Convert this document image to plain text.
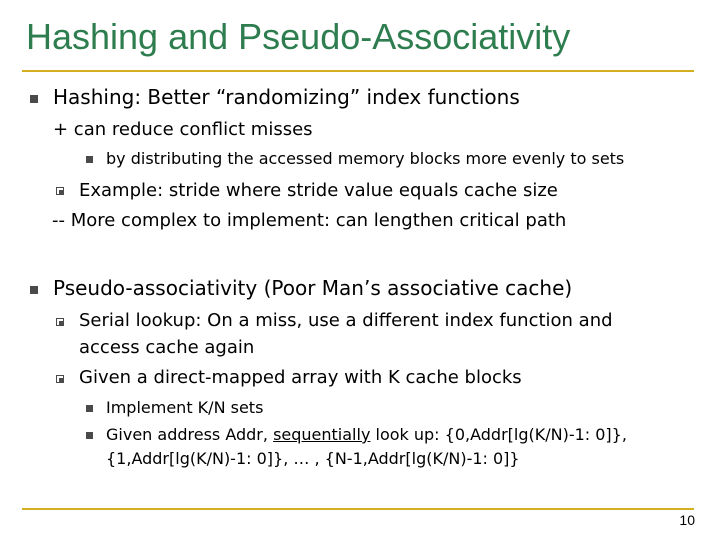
Hashing and Pseudo-Associativity
Hashing: Better “randomizing” index functions
+ can reduce conflict misses
by distributing the accessed memory blocks more evenly to sets
Example: stride where stride value equals cache size
-- More complex to implement: can lengthen critical path
Pseudo-associativity (Poor Man’s associative cache)
Serial lookup: On a miss, use a different index function and
access cache again
Given a direct-mapped array with K cache blocks
Implement K/N sets
Given address Addr, sequentially look up: {0,Addr[lg(K/N)-1: 0]},
{1,Addr[lg(K/N)-1: 0]}, … , {N-1,Addr[lg(K/N)-1: 0]}
10
